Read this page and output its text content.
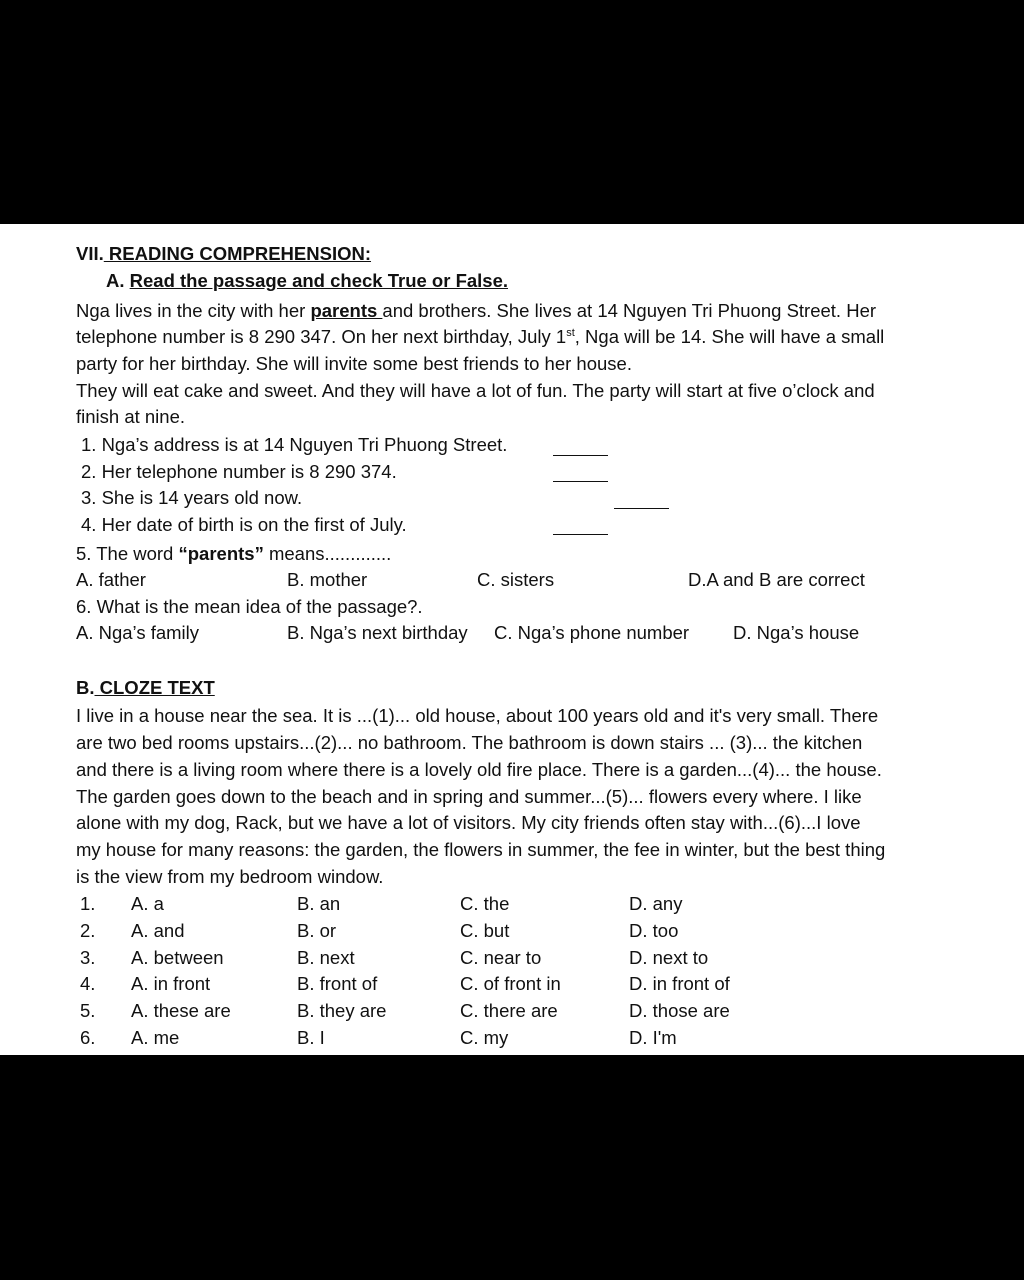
VII. READING COMPREHENSION:
A. Read the passage and check True or False.
Nga lives in the city with her parents and brothers. She lives at 14 Nguyen Tri Phuong Street. Her
telephone number is 8 290 347. On her next birthday, July 1st, Nga will be 14. She will have a small
party for her birthday. She will invite some best friends to her house.
They will eat cake and sweet. And they will have a lot of fun. The party will start at five o’clock and
finish at nine.
1. Nga’s address is at 14 Nguyen Tri Phuong Street.
2. Her telephone number is 8 290 374.
3. She is 14 years old now.
4. Her date of birth is on the first of July.
5. The word “parents” means.............
A. father	B. mother	C. sisters	D.A and B are correct
6. What is the mean idea of the passage?.
A. Nga’s family	B. Nga’s next birthday C. Nga’s phone number D. Nga’s house
B. CLOZE TEXT
I live in a house near the sea. It is ...(1)... old house, about 100 years old and it's very small. There
are two bed rooms upstairs...(2)... no bathroom. The bathroom is down stairs ... (3)... the kitchen
and there is a living room where there is a lovely old fire place. There is a garden...(4)... the house.
The garden goes down to the beach and in spring and summer...(5)... flowers every where. I like
alone with my dog, Rack, but we have a lot of visitors. My city friends often stay with...(6)...I love
my house for many reasons: the garden, the flowers in summer, the fee in winter, but the best thing
is the view from my bedroom window.
1. A. a	B. an	C. the	D. any
2. A. and	B. or	C. but	D. too
3. A. between	B. next	C. near to	D. next to
4. A. in front	B. front of	C. of front in	D. in front of
5. A. these are	B. they are	C. there are	D. those are
6. A. me	B. I	C. my	D. I'm
